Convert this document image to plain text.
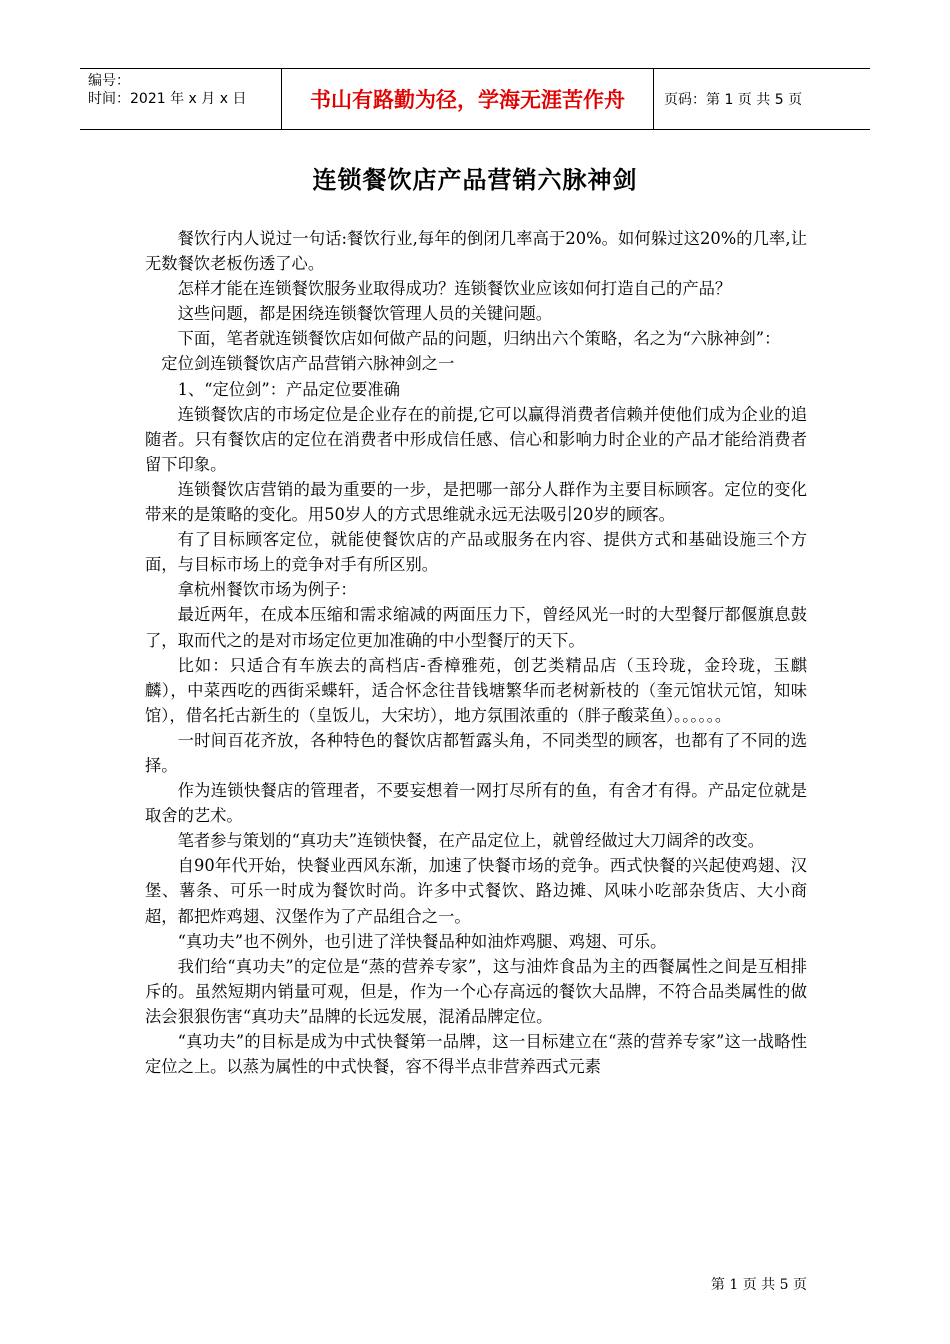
编号：
时间：2021 年 x 月 x 日	书山有路勤为径，学海无涯苦作舟	页码：第 1 页 共 5 页
连锁餐饮店产品营销六脉神剑

餐饮行内人说过一句话:餐饮行业,每年的倒闭几率高于20%。如何躲过这20%的几率,让无数餐饮老板伤透了心。

怎样才能在连锁餐饮服务业取得成功？连锁餐饮业应该如何打造自己的产品？

这些问题，都是困绕连锁餐饮管理人员的关键问题。

下面，笔者就连锁餐饮店如何做产品的问题，归纳出六个策略，名之为“六脉神剑”：

定位剑连锁餐饮店产品营销六脉神剑之一

1、“定位剑”：产品定位要准确

连锁餐饮店的市场定位是企业存在的前提,它可以赢得消费者信赖并使他们成为企业的追随者。只有餐饮店的定位在消费者中形成信任感、信心和影响力时企业的产品才能给消费者留下印象。

连锁餐饮店营销的最为重要的一步，是把哪一部分人群作为主要目标顾客。定位的变化带来的是策略的变化。用50岁人的方式思维就永远无法吸引20岁的顾客。

有了目标顾客定位，就能使餐饮店的产品或服务在内容、提供方式和基础设施三个方面，与目标市场上的竞争对手有所区别。

拿杭州餐饮市场为例子：

最近两年，在成本压缩和需求缩减的两面压力下，曾经风光一时的大型餐厅都偃旗息鼓了，取而代之的是对市场定位更加准确的中小型餐厅的天下。

比如：只适合有车族去的高档店-香樟雅苑，创艺类精品店（玉玲珑，金玲珑，玉麒麟），中菜西吃的西街采蝶轩，适合怀念往昔钱塘繁华而老树新枝的（奎元馆状元馆，知味馆），借名托古新生的（皇饭儿，大宋坊），地方氛围浓重的（胖子酸菜鱼）。。。。。。

一时间百花齐放，各种特色的餐饮店都暂露头角，不同类型的顾客，也都有了不同的选择。

作为连锁快餐店的管理者，不要妄想着一网打尽所有的鱼，有舍才有得。产品定位就是取舍的艺术。

笔者参与策划的“真功夫”连锁快餐，在产品定位上，就曾经做过大刀阔斧的改变。

自90年代开始，快餐业西风东渐，加速了快餐市场的竞争。西式快餐的兴起使鸡翅、汉堡、薯条、可乐一时成为餐饮时尚。许多中式餐饮、路边摊、风味小吃部杂货店、大小商超，都把炸鸡翅、汉堡作为了产品组合之一。

“真功夫”也不例外，也引进了洋快餐品种如油炸鸡腿、鸡翅、可乐。

我们给“真功夫”的定位是“蒸的营养专家”，这与油炸食品为主的西餐属性之间是互相排斥的。虽然短期内销量可观，但是，作为一个心存高远的餐饮大品牌，不符合品类属性的做法会狠狠伤害“真功夫”品牌的长远发展，混淆品牌定位。

“真功夫”的目标是成为中式快餐第一品牌，这一目标建立在“蒸的营养专家”这一战略性定位之上。以蒸为属性的中式快餐，容不得半点非营养西式元素

第 1 页 共 5 页
